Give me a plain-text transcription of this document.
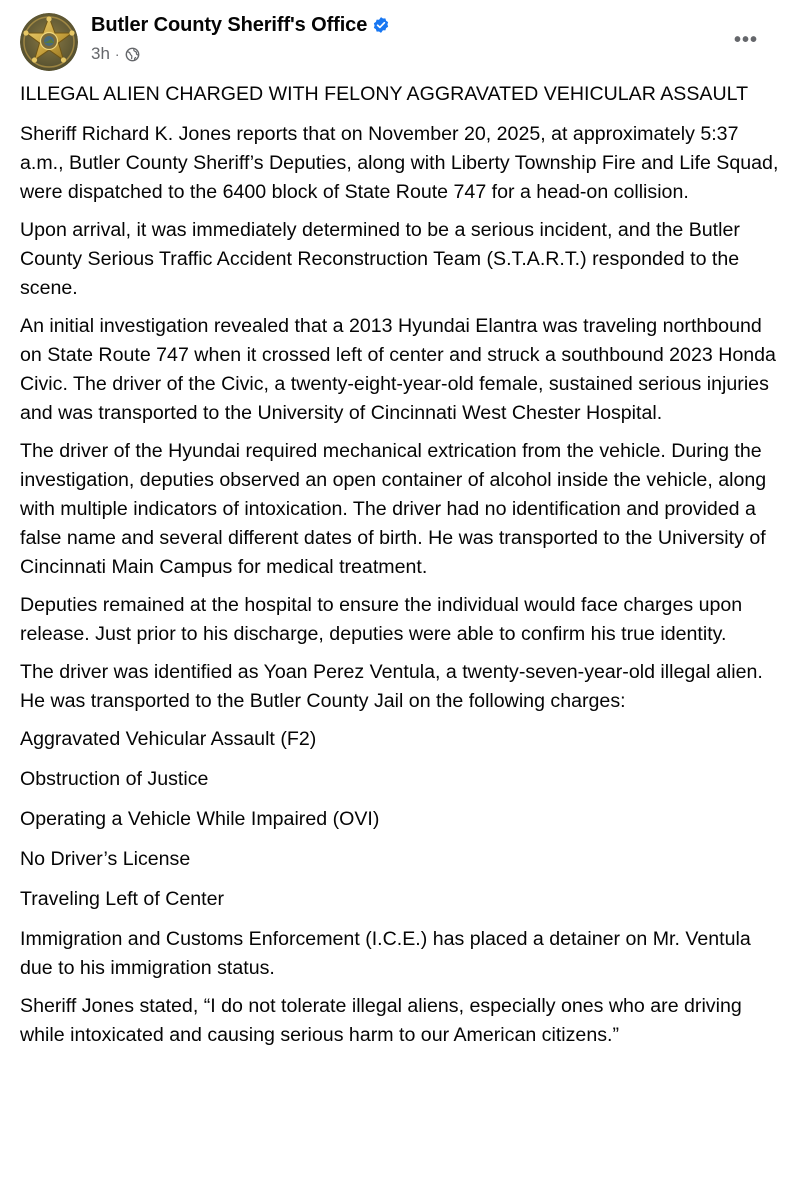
Butler County Sheriff's Office
3h ·
•••

ILLEGAL ALIEN CHARGED WITH FELONY AGGRAVATED VEHICULAR ASSAULT

Sheriff Richard K. Jones reports that on November 20, 2025, at approximately 5:37 a.m., Butler County Sheriff’s Deputies, along with Liberty Township Fire and Life Squad, were dispatched to the 6400 block of State Route 747 for a head-on collision.

Upon arrival, it was immediately determined to be a serious incident, and the Butler County Serious Traffic Accident Reconstruction Team (S.T.A.R.T.) responded to the scene.

An initial investigation revealed that a 2013 Hyundai Elantra was traveling northbound on State Route 747 when it crossed left of center and struck a southbound 2023 Honda Civic. The driver of the Civic, a twenty-eight-year-old female, sustained serious injuries and was transported to the University of Cincinnati West Chester Hospital.

The driver of the Hyundai required mechanical extrication from the vehicle. During the investigation, deputies observed an open container of alcohol inside the vehicle, along with multiple indicators of intoxication. The driver had no identification and provided a false name and several different dates of birth. He was transported to the University of Cincinnati Main Campus for medical treatment.

Deputies remained at the hospital to ensure the individual would face charges upon release. Just prior to his discharge, deputies were able to confirm his true identity.

The driver was identified as Yoan Perez Ventula, a twenty-seven-year-old illegal alien. He was transported to the Butler County Jail on the following charges:

Aggravated Vehicular Assault (F2)

Obstruction of Justice

Operating a Vehicle While Impaired (OVI)

No Driver’s License

Traveling Left of Center

Immigration and Customs Enforcement (I.C.E.) has placed a detainer on Mr. Ventula due to his immigration status.

Sheriff Jones stated, “I do not tolerate illegal aliens, especially ones who are driving while intoxicated and causing serious harm to our American citizens.”
